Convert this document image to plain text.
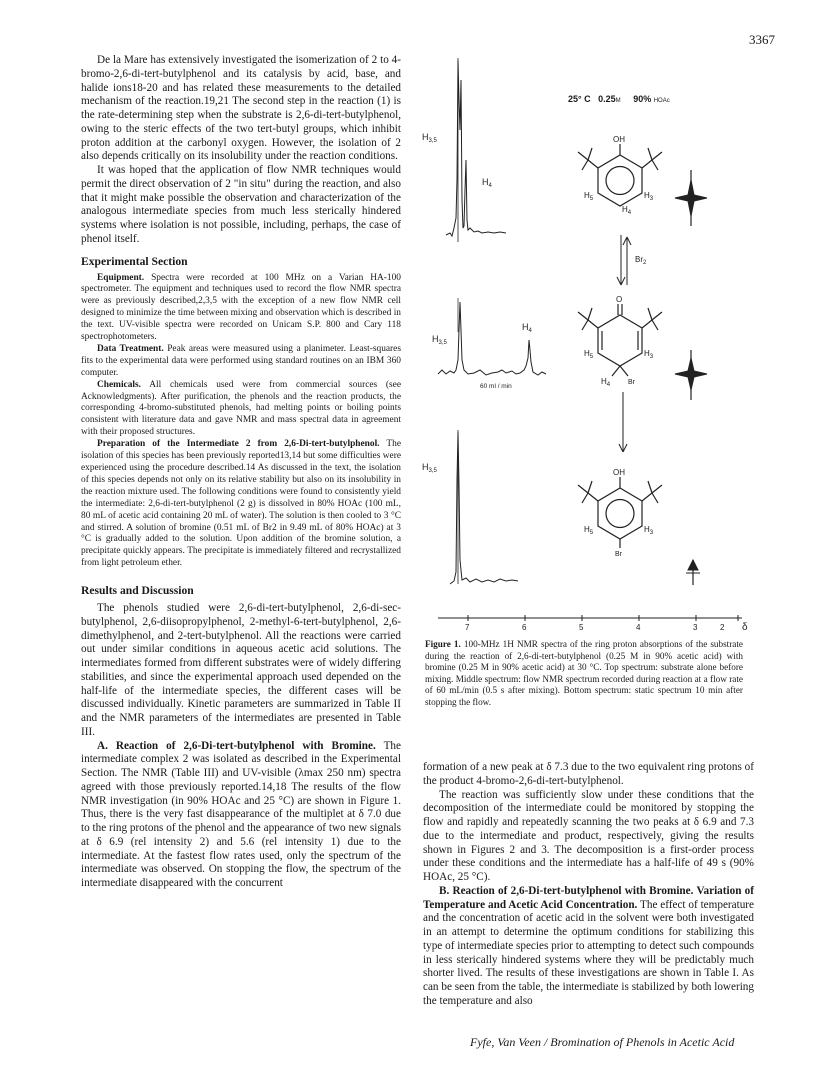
3367

De la Mare has extensively investigated the isomerization of 2 to 4-bromo-2,6-di-tert-butylphenol and its catalysis by acid, base, and halide ions18-20 and has related these measurements to the detailed mechanism of the reaction.19,21 The second step in the reaction (1) is the rate-determining step when the substrate is 2,6-di-tert-butylphenol, owing to the steric effects of the two tert-butyl groups, which inhibit proton addition at the carbonyl oxygen. However, the isolation of 2 also depends critically on its insolubility under the reaction conditions.

It was hoped that the application of flow NMR techniques would permit the direct observation of 2 "in situ" during the reaction, and also that it might make possible the observation and characterization of the analogous intermediate species from much less sterically hindered systems where isolation is not possible, including, perhaps, the case of phenol itself.

Experimental Section

Equipment. Spectra were recorded at 100 MHz on a Varian HA-100 spectrometer. The equipment and techniques used to record the flow NMR spectra were as previously described,2,3,5 with the exception of a new flow NMR cell designed to minimize the time between mixing and observation which is described in the text. UV-visible spectra were recorded on Unicam S.P. 800 and Cary 118 spectrophotometers.

Data Treatment. Peak areas were measured using a planimeter. Least-squares fits to the experimental data were performed using standard routines on an IBM 360 computer.

Chemicals. All chemicals used were from commercial sources (see Acknowledgments). After purification, the phenols and the reaction products, the corresponding 4-bromo-substituted phenols, had melting points or boiling points consistent with literature data and gave NMR and mass spectral data in agreement with their proposed structures.

Preparation of the Intermediate 2 from 2,6-Di-tert-butylphenol. The isolation of this species has been previously reported13,14 but some difficulties were experienced using the procedure described.14 As discussed in the text, the isolation of this species depends not only on its relative stability but also on its insolubility in the reaction mixture used. The following conditions were found to consistently yield the intermediate: 2,6-di-tert-butylphenol (2 g) is dissolved in 80% HOAc (100 mL, 80 mL of acetic acid containing 20 mL of water). The solution is then cooled to 3 °C and stirred. A solution of bromine (0.51 mL of Br2 in 9.49 mL of 80% HOAc) at 3 °C is gradually added to the solution. Upon addition of the bromine solution, a precipitate quickly appears. The precipitate is immediately filtered and recrystallized from light petroleum ether.

Results and Discussion

The phenols studied were 2,6-di-tert-butylphenol, 2,6-di-sec-butylphenol, 2,6-diisopropylphenol, 2-methyl-6-tert-butylphenol, 2,6-dimethylphenol, and 2-tert-butylphenol. All the reactions were carried out under similar conditions in aqueous acetic acid solutions. The intermediates formed from different substrates were of widely differing stabilities, and since the experimental approach used depended on the half-life of the intermediate species, the different cases will be discussed individually. Kinetic parameters are summarized in Table II and the NMR parameters of the intermediates are presented in Table III.

A. Reaction of 2,6-Di-tert-butylphenol with Bromine. The intermediate complex 2 was isolated as described in the Experimental Section. The NMR (Table III) and UV-visible (λmax 250 nm) spectra agreed with those previously reported.14,18 The results of the flow NMR investigation (in 90% HOAc and 25 °C) are shown in Figure 1. Thus, there is the very fast disappearance of the multiplet at δ 7.0 due to the ring protons of the phenol and the appearance of two new signals at δ 6.9 (rel intensity 2) and 5.6 (rel intensity 1) due to the intermediate. At the fastest flow rates used, only the spectrum of the intermediate was observed. On stopping the flow, the spectrum of the intermediate disappeared with the concurrent

25° C 0.25M 90% HOAc
$H_{3,5}$
$H_4$
$H_{3,5}$
$H_4$
60 ml / min
$H_{3,5}$
7	6	5	4	3	2 δ
OH
$H_5$	$H_3$
$H_4$
$Br_2$
O
$H_5$	$H_3$
$H_4$	Br
OH
$H_5$	$H_3$
Br
Figure 1. 100-MHz 1H NMR spectra of the ring proton absorptions of the substrate during the reaction of 2,6-di-tert-butylphenol (0.25 M in 90% acetic acid) with bromine (0.25 M in 90% acetic acid) at 30 °C. Top spectrum: substrate alone before mixing. Middle spectrum: flow NMR spectrum recorded during reaction at a flow rate of 60 mL/min (0.5 s after mixing). Bottom spectrum: static spectrum 10 min after stopping the flow.

formation of a new peak at δ 7.3 due to the two equivalent ring protons of the product 4-bromo-2,6-di-tert-butylphenol.

The reaction was sufficiently slow under these conditions that the decomposition of the intermediate could be monitored by stopping the flow and rapidly and repeatedly scanning the two peaks at δ 6.9 and 7.3 due to the intermediate and product, respectively, giving the results shown in Figures 2 and 3. The decomposition is a first-order process under these conditions and the intermediate has a half-life of 49 s (90% HOAc, 25 °C).

B. Reaction of 2,6-Di-tert-butylphenol with Bromine. Variation of Temperature and Acetic Acid Concentration. The effect of temperature and the concentration of acetic acid in the solvent were both investigated in an attempt to determine the optimum conditions for stabilizing this type of intermediate species prior to attempting to detect such compounds in less sterically hindered systems where they will be predictably much shorter lived. The results of these investigations are shown in Table I. As can be seen from the table, the intermediate is stabilized by both lowering the temperature and also

Fyfe, Van Veen / Bromination of Phenols in Acetic Acid
